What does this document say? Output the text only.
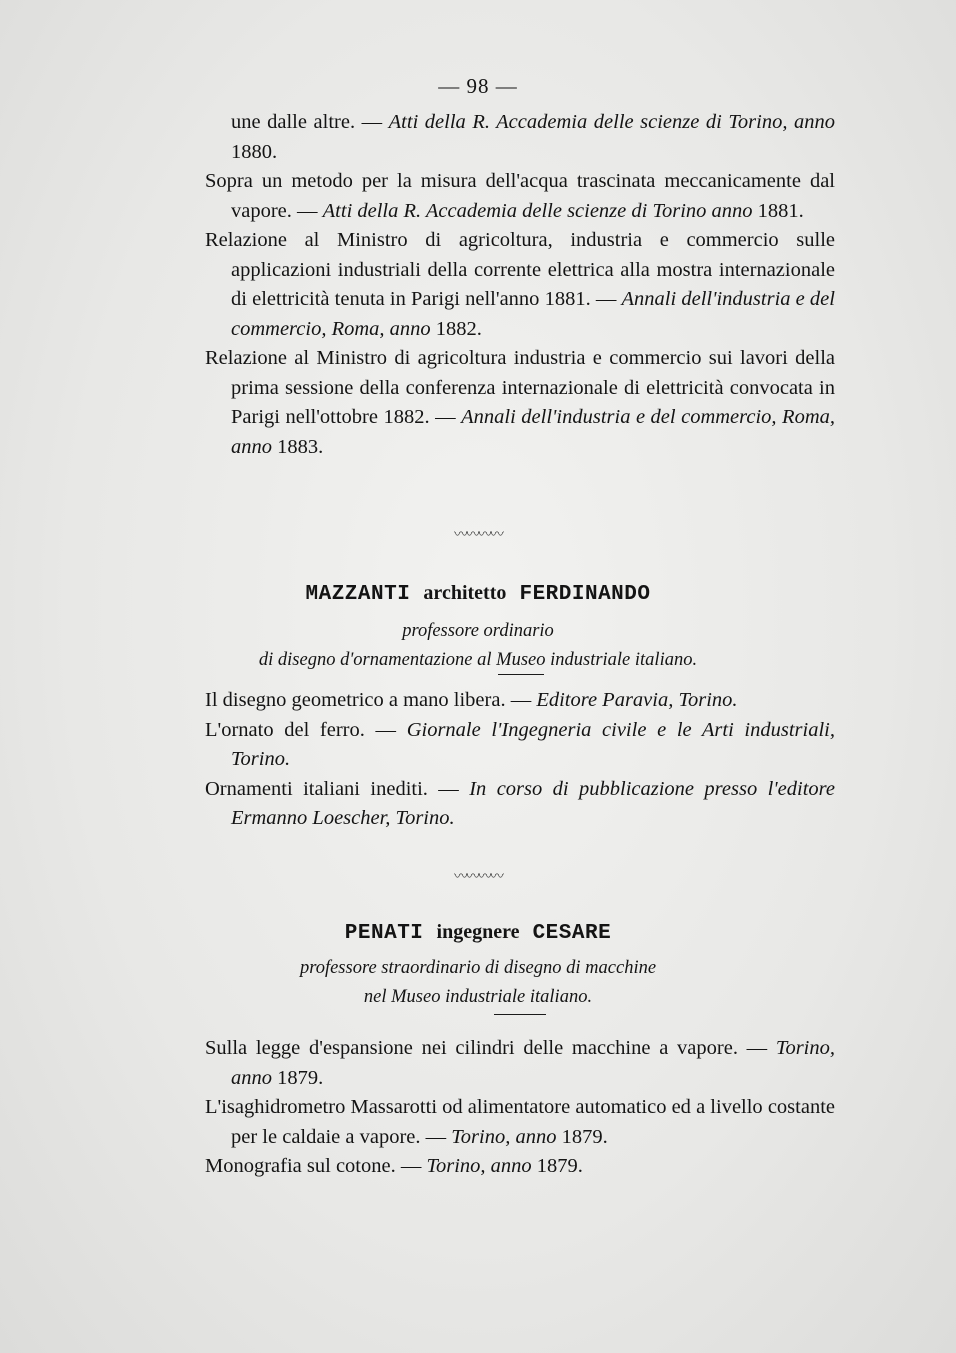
— 98 —

une dalle altre. — Atti della R. Accademia delle scienze di Torino, anno 1880.

Sopra un metodo per la misura dell'acqua trascinata meccanicamente dal vapore. — Atti della R. Accademia delle scienze di Torino anno 1881.

Relazione al Ministro di agricoltura, industria e commercio sulle applicazioni industriali della corrente elettrica alla mostra internazionale di elettricità tenuta in Parigi nell'anno 1881. — Annali dell'industria e del commercio, Roma, anno 1882.

Relazione al Ministro di agricoltura industria e commercio sui lavori della prima sessione della conferenza internazionale di elettricità convocata in Parigi nell'ottobre 1882. — Annali dell'industria e del commercio, Roma, anno 1883.

〰〰〰〰
MAZZANTI architetto FERDINANDO
professore ordinario
di disegno d'ornamentazione al Museo industriale italiano.

Il disegno geometrico a mano libera. — Editore Paravia, Torino.

L'ornato del ferro. — Giornale l'Ingegneria civile e le Arti industriali, Torino.

Ornamenti italiani inediti. — In corso di pubblicazione presso l'editore Ermanno Loescher, Torino.

〰〰〰〰
PENATI ingegnere CESARE
professore straordinario di disegno di macchine
nel Museo industriale italiano.

Sulla legge d'espansione nei cilindri delle macchine a vapore. — Torino, anno 1879.

L'isaghidrometro Massarotti od alimentatore automatico ed a livello costante per le caldaie a vapore. — Torino, anno 1879.

Monografia sul cotone. — Torino, anno 1879.
